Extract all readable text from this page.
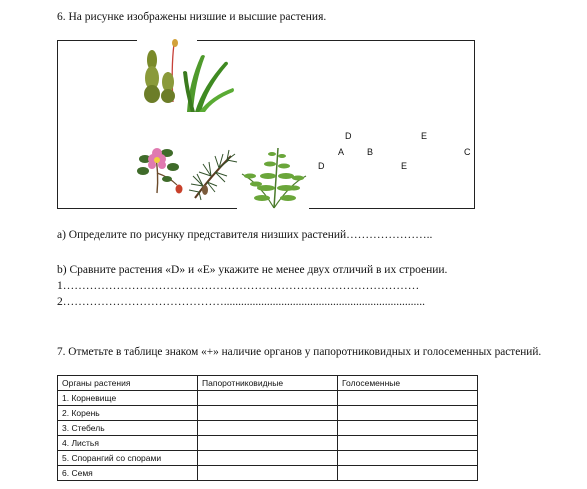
6. На рисунке изображены низшие и высшие растения.
D	E
A	B	C
D	E
а) Определите по рисунку представителя низших растений…………………..
b) Сравните растения «D» и «E» укажите не менее двух отличий в их строении.
1…………………………………………………………………………………
2……………………………………......................................................................
7. Отметьте в таблице знаком «+» наличие органов у папоротниковидных и голосеменных растений.
Органы растения	Папоротниковидные	Голосеменные
1. Корневище		
2. Корень		
3. Стебель		
4. Листья		
5. Спорангий со спорами		
6. Семя		
